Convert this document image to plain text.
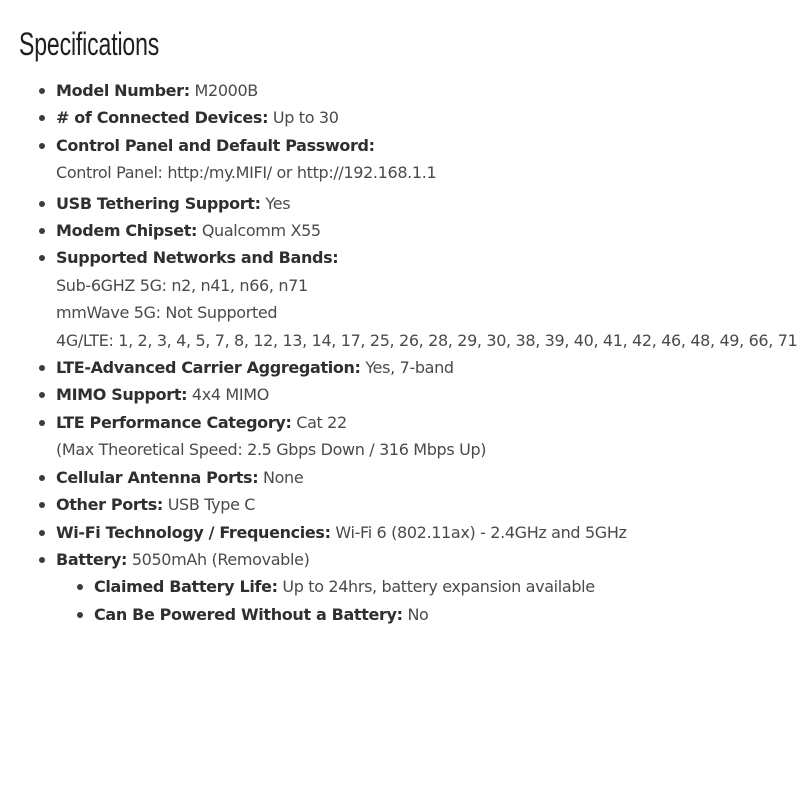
Specifications
Model Number: M2000B
# of Connected Devices: Up to 30
Control Panel and Default Password:
Control Panel: http:/my.MIFI/ or http://192.168.1.1
USB Tethering Support: Yes
Modem Chipset: Qualcomm X55
Supported Networks and Bands:
Sub-6GHZ 5G: n2, n41, n66, n71
mmWave 5G: Not Supported
4G/LTE: 1, 2, 3, 4, 5, 7, 8, 12, 13, 14, 17, 25, 26, 28, 29, 30, 38, 39, 40, 41, 42, 46, 48, 49, 66, 71
LTE-Advanced Carrier Aggregation: Yes, 7-band
MIMO Support: 4x4 MIMO
LTE Performance Category: Cat 22
(Max Theoretical Speed: 2.5 Gbps Down / 316 Mbps Up)
Cellular Antenna Ports: None
Other Ports: USB Type C
Wi-Fi Technology / Frequencies: Wi-Fi 6 (802.11ax) - 2.4GHz and 5GHz
Battery: 5050mAh (Removable)
Claimed Battery Life: Up to 24hrs, battery expansion available
Can Be Powered Without a Battery: No
